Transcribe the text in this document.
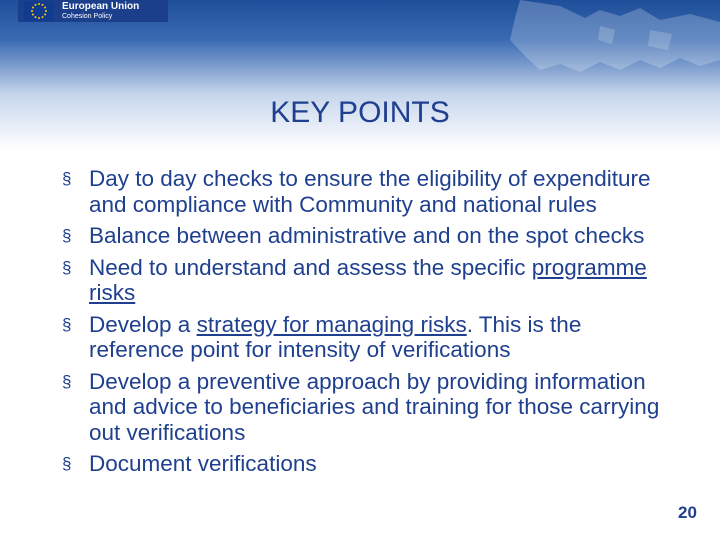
European Union
Cohesion Policy
KEY POINTS
§ Day to day checks to ensure the eligibility of expenditure and compliance with Community and national rules
§ Balance between administrative and on the spot checks
§ Need to understand and assess the specific programme risks
§ Develop a strategy for managing risks. This is the reference point for intensity of verifications
§ Develop a preventive approach by providing information and advice to beneficiaries and training for those carrying out verifications
§ Document verifications
20
